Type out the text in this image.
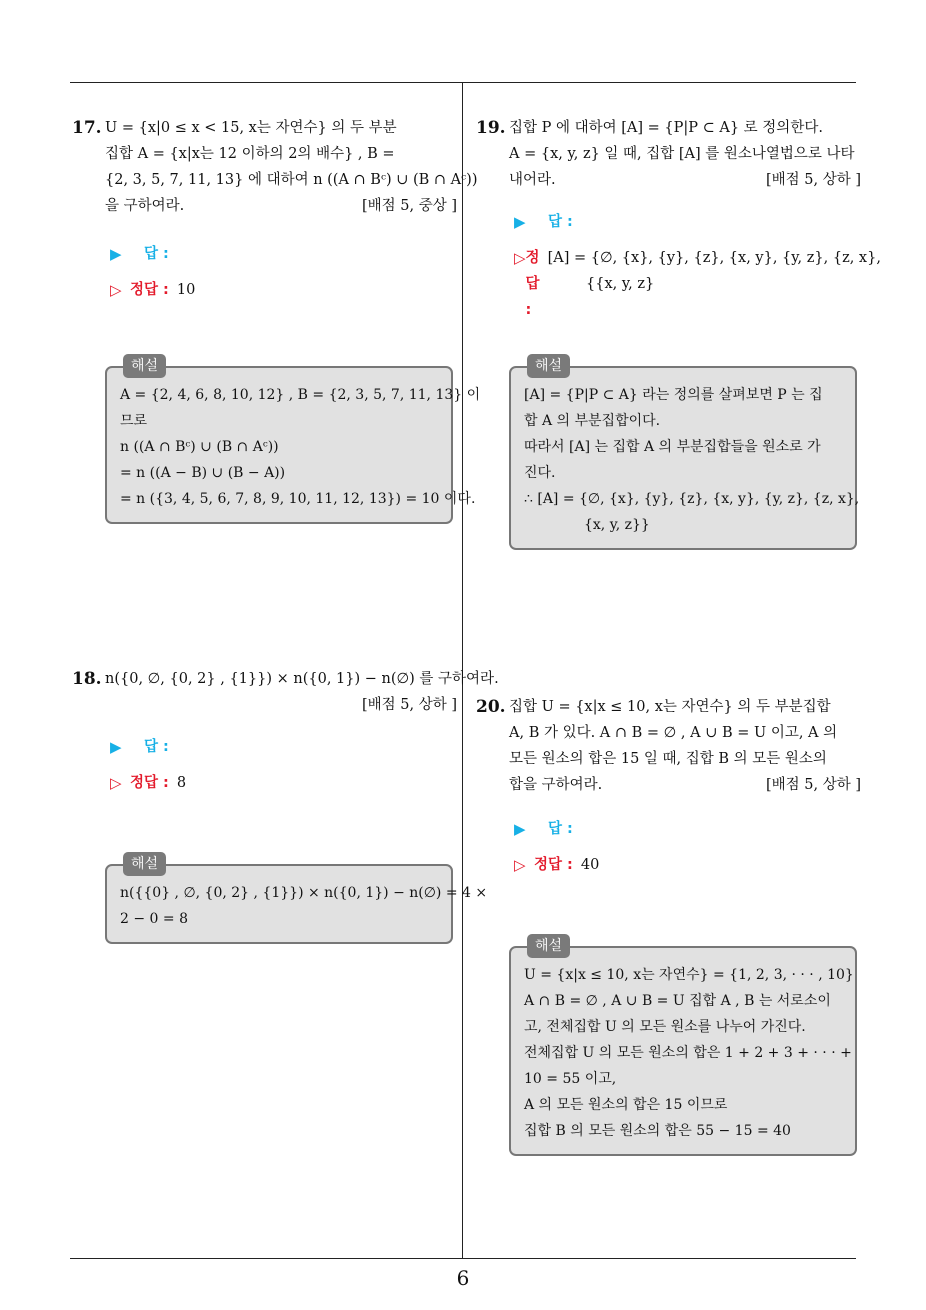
6
17. U = {x|0 ≤ x < 15, x는 자연수} 의 두 부분
집합 A = {x|x는 12 이하의 2의 배수} , B =
{2, 3, 5, 7, 11, 13} 에 대하여 n ((A ∩ Bᶜ) ∪ (B ∩ Aᶜ))
을 구하여라.	[배점 5, 중상 ]
▶	답 :
▷ 정답 : 10
해설
A = {2, 4, 6, 8, 10, 12} , B = {2, 3, 5, 7, 11, 13} 이
므로
n ((A ∩ Bᶜ) ∪ (B ∩ Aᶜ))
= n ((A − B) ∪ (B − A))
= n ({3, 4, 5, 6, 7, 8, 9, 10, 11, 12, 13}) = 10 이다.
18. n({0, ∅, {0, 2} , {1}}) × n({0, 1}) − n(∅) 를 구하여라.
[배점 5, 상하 ]
▶	답 :
▷ 정답 : 8
해설
n({{0} , ∅, {0, 2} , {1}}) × n({0, 1}) − n(∅) = 4 ×
2 − 0 = 8
19. 집합 P 에 대하여 [A] = {P|P ⊂ A} 로 정의한다.
A = {x, y, z} 일 때, 집합 [A] 를 원소나열법으로 나타
내어라.	[배점 5, 상하 ]
▶	답 :
▷ 정답 :
[A] = {∅, {x}, {y}, {z}, {x, y}, {y, z}, {z, x},
{{x, y, z}
해설
[A] = {P|P ⊂ A} 라는 정의를 살펴보면 P 는 집
합 A 의 부분집합이다.
따라서 [A] 는 집합 A 의 부분집합들을 원소로 가
진다.
∴ [A] = {∅, {x}, {y}, {z}, {x, y}, {y, z}, {z, x},
{x, y, z}}
20. 집합 U = {x|x ≤ 10, x는 자연수} 의 두 부분집합
A, B 가 있다. A ∩ B = ∅ , A ∪ B = U 이고, A 의
모든 원소의 합은 15 일 때, 집합 B 의 모든 원소의
합을 구하여라.	[배점 5, 상하 ]
▶	답 :
▷ 정답 : 40
해설
U = {x|x ≤ 10, x는 자연수} = {1, 2, 3, · · · , 10}
A ∩ B = ∅ , A ∪ B = U 집합 A , B 는 서로소이
고, 전체집합 U 의 모든 원소를 나누어 가진다.
전체집합 U 의 모든 원소의 합은 1 + 2 + 3 + · · · +
10 = 55 이고,
A 의 모든 원소의 합은 15 이므로
집합 B 의 모든 원소의 합은 55 − 15 = 40
